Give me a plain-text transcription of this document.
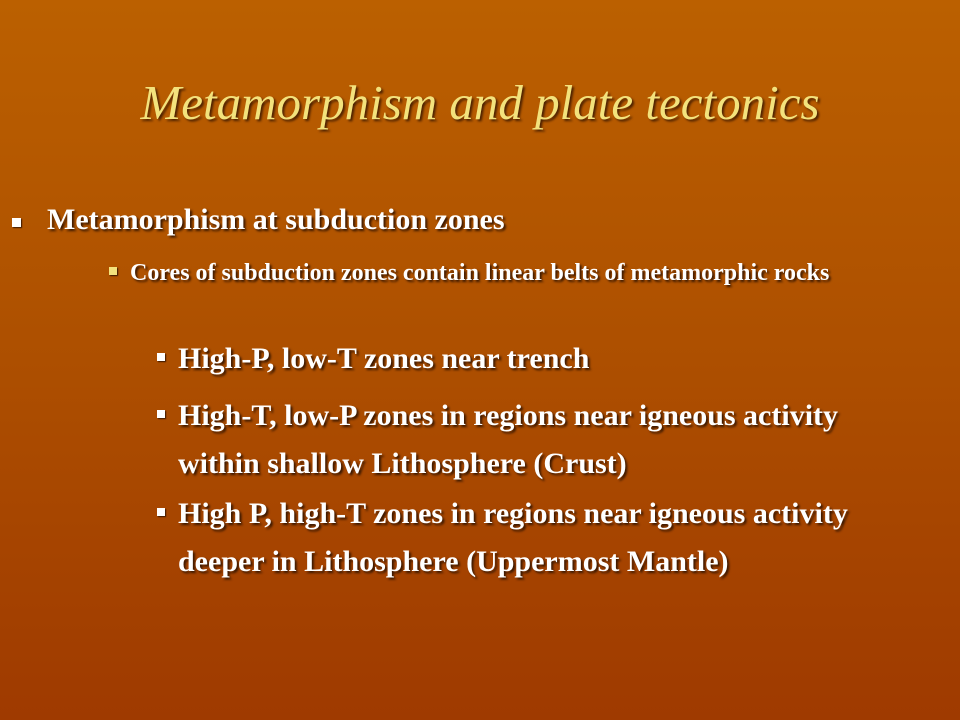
Metamorphism and plate tectonics
Metamorphism at subduction zones
Cores of subduction zones contain linear belts of metamorphic rocks
High-P, low-T zones near trench
High-T, low-P zones in regions near igneous activity within shallow Lithosphere (Crust)
High P, high-T zones in regions near igneous activity deeper in Lithosphere (Uppermost Mantle)
